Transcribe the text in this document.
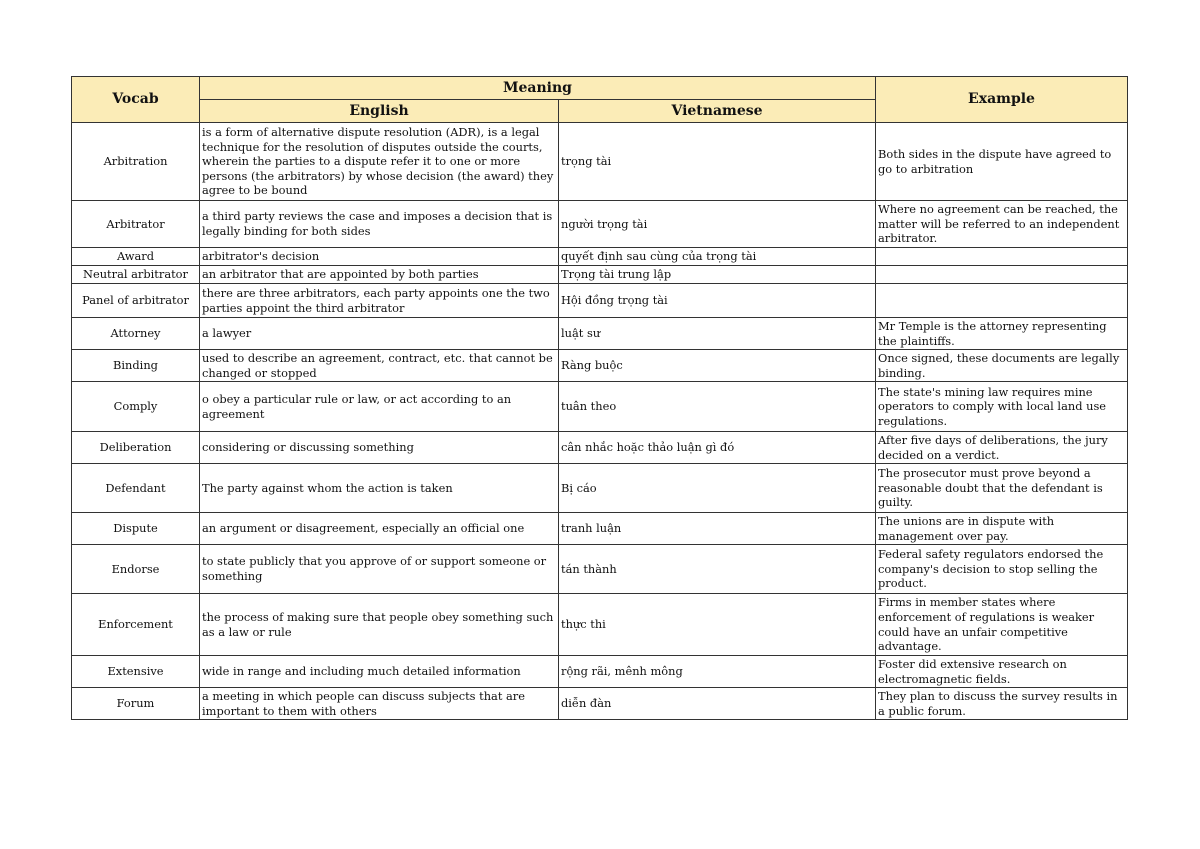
Vocab	Meaning		Example
	English	Vietnamese	
Arbitration	is a form of alternative dispute resolution (ADR), is a legal technique for the resolution of disputes outside the courts, wherein the parties to a dispute refer it to one or more persons (the arbitrators) by whose decision (the award) they agree to be bound	trọng tài	Both sides in the dispute have agreed to go to arbitration
Arbitrator	a third party reviews the case and imposes a decision that is legally binding for both sides	người trọng tài	Where no agreement can be reached, the matter will be referred to an independent arbitrator.
Award	arbitrator's decision	quyết định sau cùng của trọng tài	
Neutral arbitrator	an arbitrator that are appointed by both parties	Trọng tài trung lập	
Panel of arbitrator	there are three arbitrators, each party appoints one the two parties appoint the third arbitrator	Hội đồng trọng tài	
Attorney	a lawyer	luật sư	Mr Temple is the attorney representing the plaintiffs.
Binding	used to describe an agreement, contract, etc. that cannot be changed or stopped	Ràng buộc	Once signed, these documents are legally binding.
Comply	o obey a particular rule or law, or act according to an agreement	tuân theo	The state's mining law requires mine operators to comply with local land use regulations.
Deliberation	considering or discussing something	cân nhắc hoặc thảo luận gì đó	After five days of deliberations, the jury decided on a verdict.
Defendant	The party against whom the action is taken	Bị cáo	The prosecutor must prove beyond a reasonable doubt that the defendant is guilty.
Dispute	an argument or disagreement, especially an official one	tranh luận	The unions are in dispute with management over pay.
Endorse	to state publicly that you approve of or support someone or something	tán thành	Federal safety regulators endorsed the company's decision to stop selling the product.
Enforcement	the process of making sure that people obey something such as a law or rule	thực thi	Firms in member states where enforcement of regulations is weaker could have an unfair competitive advantage.
Extensive	wide in range and including much detailed information	rộng rãi, mênh mông	Foster did extensive research on electromagnetic fields.
Forum	a meeting in which people can discuss subjects that are important to them with others	diễn đàn	They plan to discuss the survey results in a public forum.
